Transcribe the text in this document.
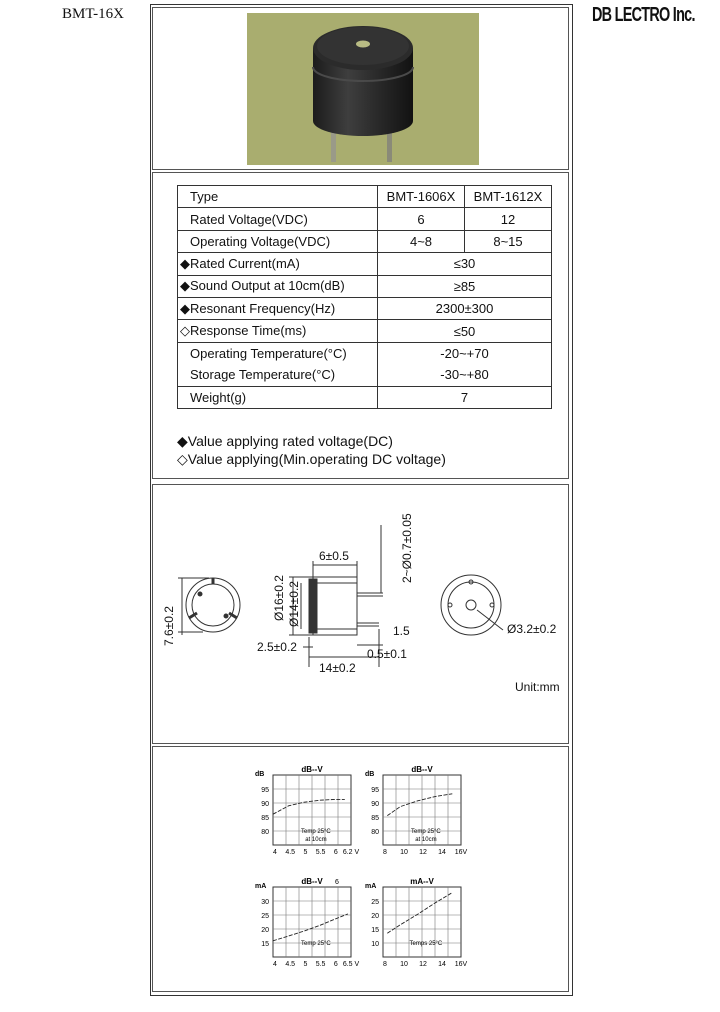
BMT-16X	DB LECTRO Inc.
Type	BMT-1606X	BMT-1612X
Rated Voltage(VDC)	6	12
Operating Voltage(VDC)	4~8	8~15
◆Rated Current(mA)	≤30	
◆Sound Output at 10cm(dB)	≥85	
◆Resonant Frequency(Hz)	2300±300	
◇Response Time(ms)	≤50	
Operating Temperature(°C)	-20~+70	
Storage Temperature(°C)	-30~+80	
Weight(g)	7	
◆Value applying rated voltage(DC)
◇Value applying(Min.operating DC voltage)
7.6±0.2
6±0.5
Ø16±0.2 Ø14±0.2
2.5±0.2
14±0.2
1.5
0.5±0.1
2~Ø0.7±0.05
Ø3.2±0.2
Unit:mm
95
90
85
80
4 4.5 5 5.5 6 6.2 V
dB--V
dB
Temp 25°C
at 10cm
95
90
85
80
8 10 12 14 16V
dB--V
dB
Temp 25°C
at 10cm
30
25
20
15
4 4.5 5 5.5 6 6.5 V
dB--V
mA
6
Temp 25°C
25
20
15
10
8 10 12 14 16V
mA--V
mA
Temps 25°C
